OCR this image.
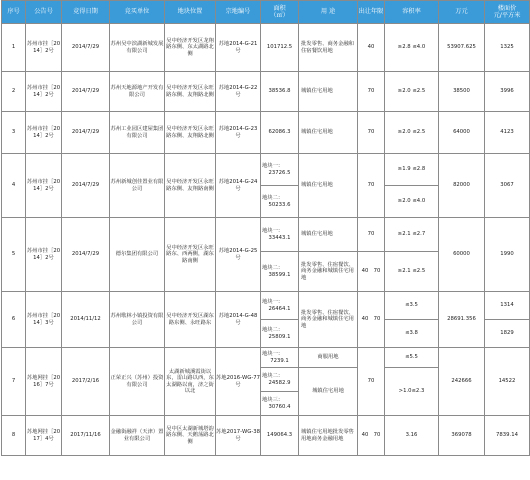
序号	公告号	竞得日期	竞买单位	地块位置	宗地编号	面积
（㎡）	用 途	出让年限	容积率	万元	楼面价
元/平方米

1	苏州市挂［2014］2号	2014/7/29	苏州吴中滨湖新城发展有限公司	吴中经济开发区龙翔路东侧、东太湖路北侧	苏地2014-G-21号	101712.5	批发零售、商务金融和住宿餐饮用地	40	≥2.8 ≤4.0	53907.625	1325
2	苏州市挂［2014］2号	2014/7/29	苏州天地源地产开发有限公司	吴中经济开发区永旺路东侧、友翔路北侧	苏地2014-G-22号	38536.8	城镇住宅用地	70	≥2.0 ≤2.5	38500	3996
3	苏州市挂［2014］2号	2014/7/29	苏州工业园区建屋集团有限公司	吴中经济开发区永旺路东侧、友翔路北侧	苏地2014-G-23号	62086.3	城镇住宅用地	70	≥2.0 ≤2.5	64000	4123
4	苏州市挂［2014］2号	2014/7/29	苏州新城创佳置业有限公司	吴中经济开发区永旺路东侧、友翔路南侧	苏地2014-G-24号	地块一：
23726.5	城镇住宅用地	70	≥1.9 ≤2.8	82000	3067

						地块二：
50233.6			≥2.0 ≤4.0		
5	苏州市挂［2014］2号	2014/7/29	德尔集团有限公司	吴中经济开发区永旺路东、西两侧，湖东路南侧	苏地2014-G-25号	地块一：
33443.1	城镇住宅用地	70	≥2.1 ≤2.7	60000	1990

						地块二：
38599.1	批发零售、住宿餐饮、商务金融和城镇住宅用地	40　70	≥2.1 ≤2.5		
6	苏州市挂［2014］3号	2014/11/12	苏州歌林小镇投资有限公司	吴中经济开发区湖东路东侧、永旺路东	苏地2014-G-48号	地块一：
26464.1	批发零售、住宿餐饮、商务金融和城镇住宅用地	40　70	≤3.5	28691.356	1314

						地块二：
25809.1			≤3.8		1829
7	苏地网挂［2016］7号	2017/2/16	正荣正兴（苏州）投资有限公司	太湖新城溪霞街以东，雷山路以西，东太湖路以南，济之街以北	苏地2016-WG-77号	地块一：
7239.1	商服用地	70	≤5.5	242666	14522

						地块二：
24582.9	城镇住宅用地		>1.0≤2.3		

						地块三：
30760.4					

8	苏地网挂［2017］4号	2017/11/16	金融街融祥（天津）置业有限公司	吴中区太湖新城塔韵路东侧、天鹅荡路北侧	苏地2017-WG-38号	149064.3	城镇住宅用地批发零售用地商务金融用地	40　70	3.16	369078	7839.14
